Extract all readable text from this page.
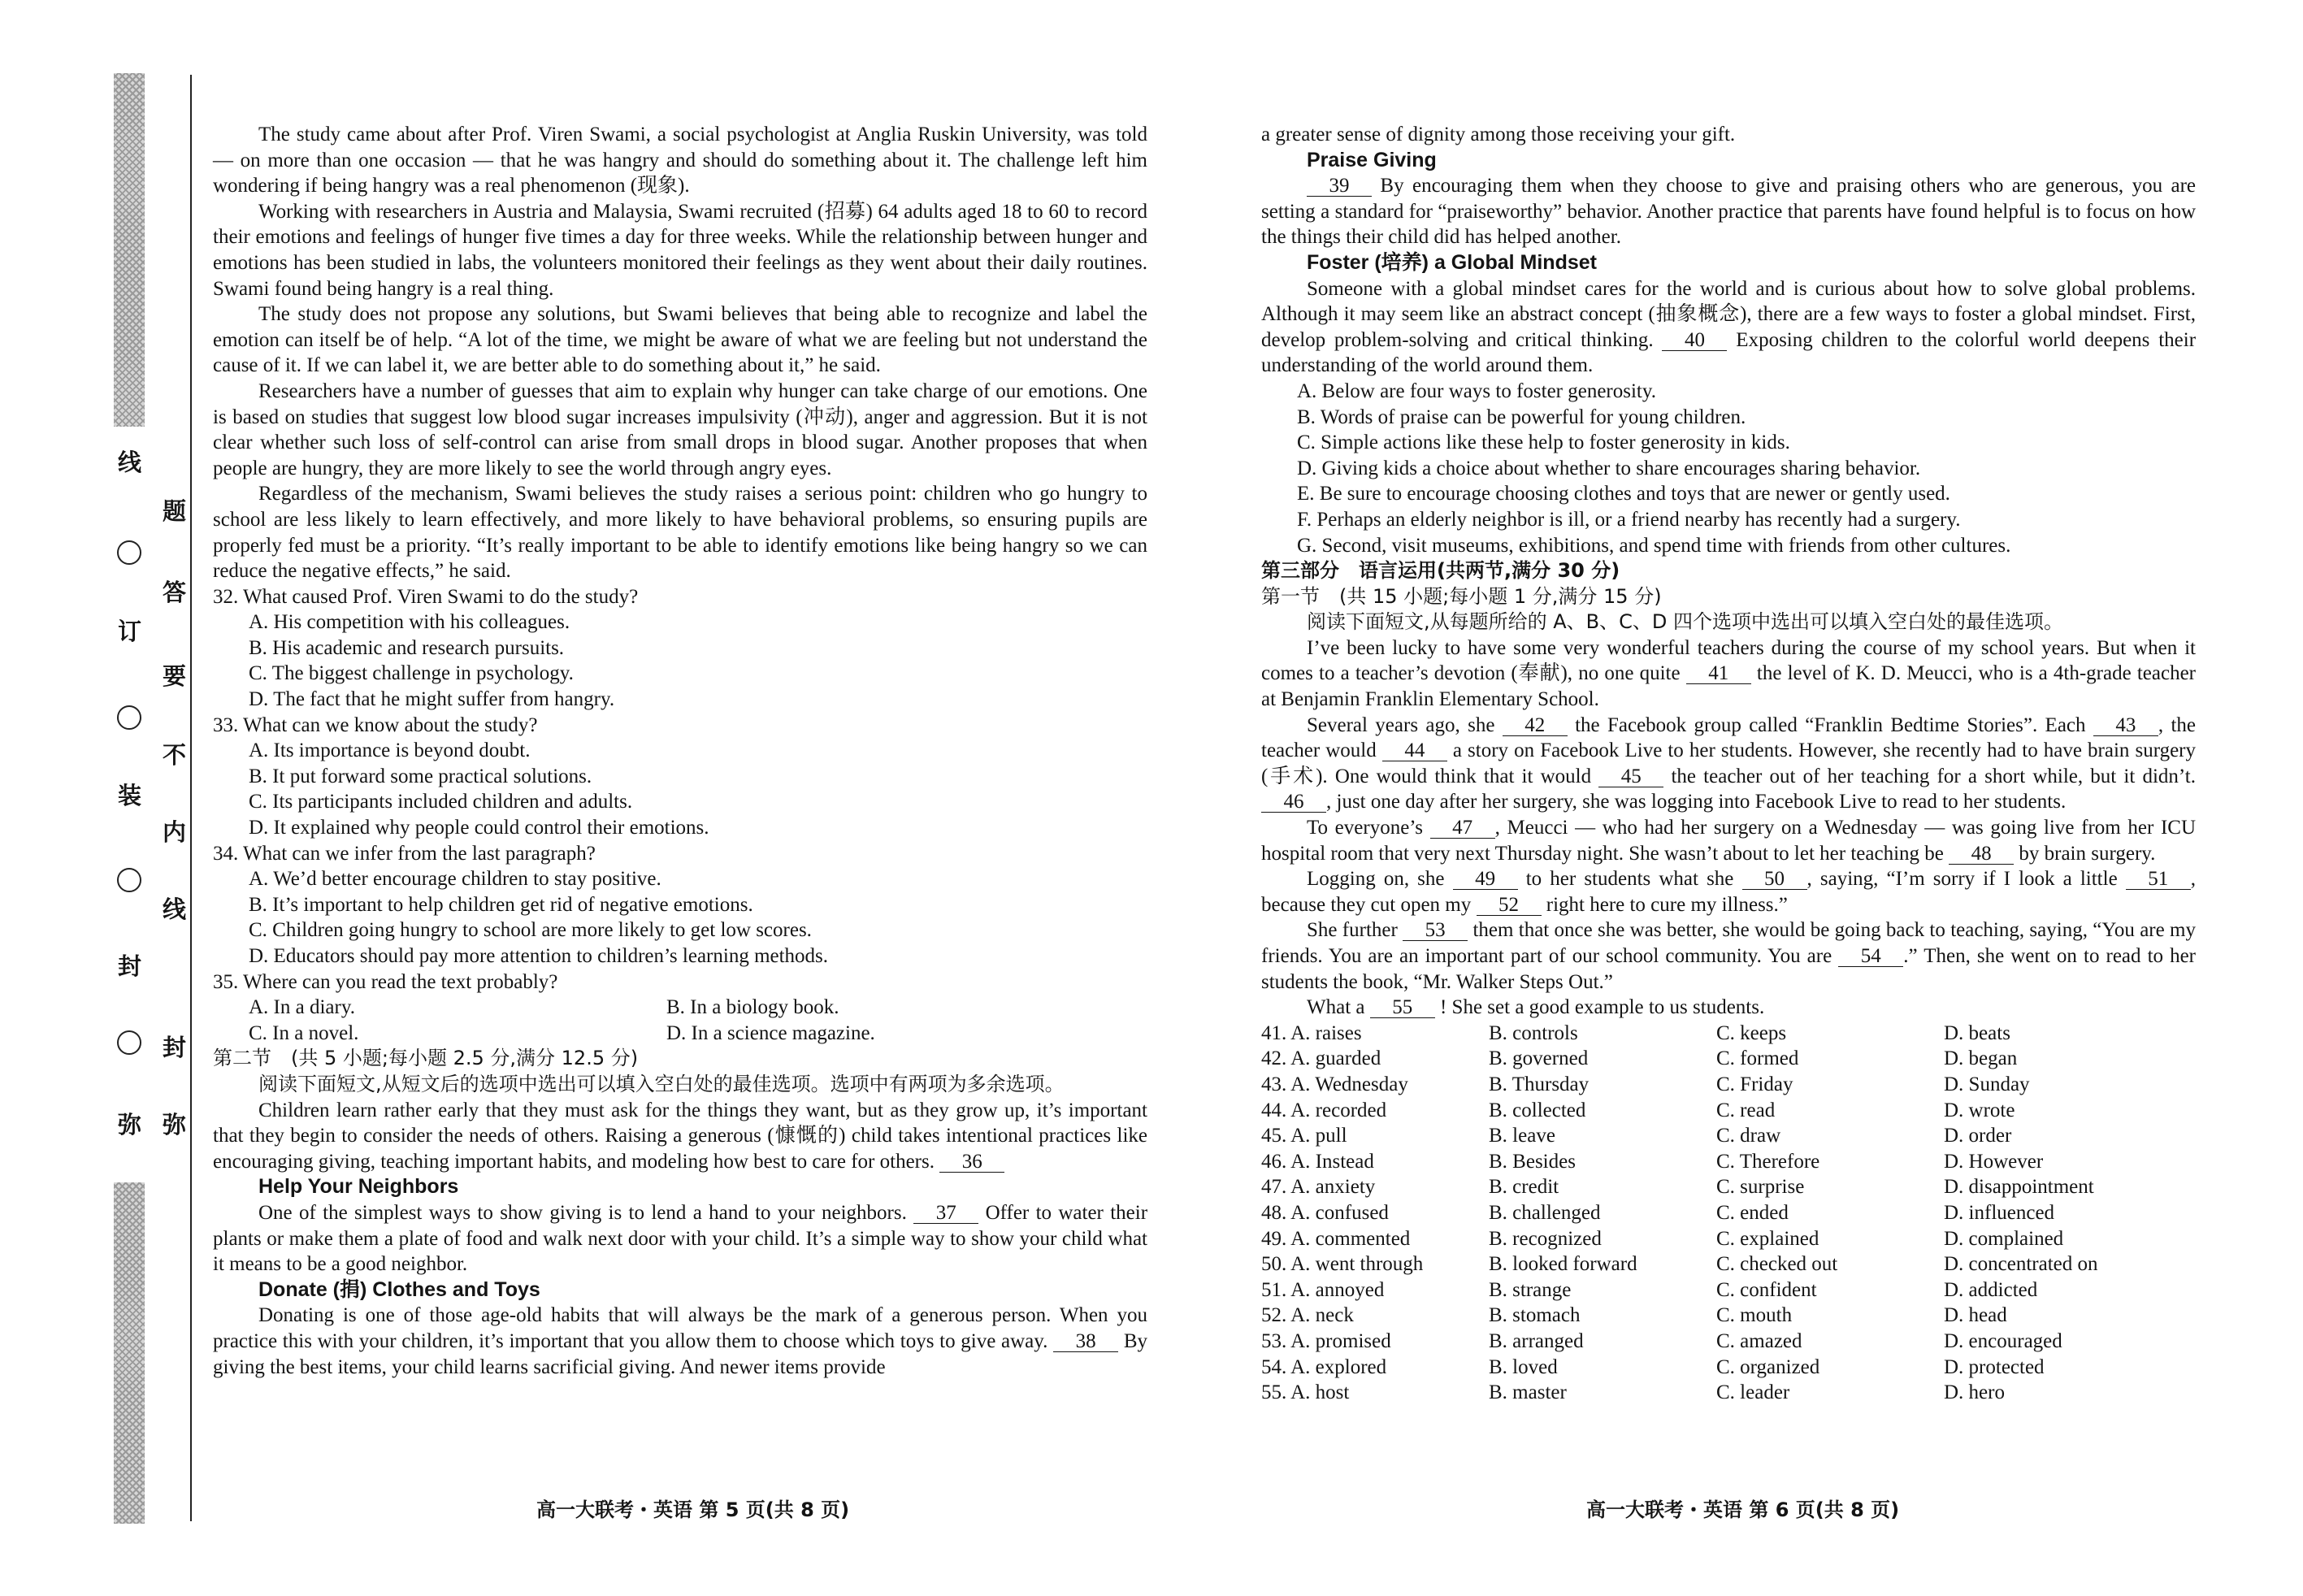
弥
封
装
订
线
弥
封
线
内
不
要
答
题

The study came about after Prof. Viren Swami, a social psychologist at Anglia Ruskin University, was told — on more than one occasion — that he was hangry and should do something about it. The challenge left him wondering if being hangry was a real phenomenon (现象).

Working with researchers in Austria and Malaysia, Swami recruited (招募) 64 adults aged 18 to 60 to record their emotions and feelings of hunger five times a day for three weeks. While the relationship between hunger and emotions has been studied in labs, the volunteers monitored their feelings as they went about their daily routines. Swami found being hangry is a real thing.

The study does not propose any solutions, but Swami believes that being able to recognize and label the emotion can itself be of help. “A lot of the time, we might be aware of what we are feeling but not understand the cause of it. If we can label it, we are better able to do something about it,” he said.

Researchers have a number of guesses that aim to explain why hunger can take charge of our emotions. One is based on studies that suggest low blood sugar increases impulsivity (冲动), anger and aggression. But it is not clear whether such loss of self-control can arise from small drops in blood sugar. Another proposes that when people are hungry, they are more likely to see the world through angry eyes.

Regardless of the mechanism, Swami believes the study raises a serious point: children who go hungry to school are less likely to learn effectively, and more likely to have behavioral problems, so ensuring pupils are properly fed must be a priority. “It’s really important to be able to identify emotions like being hangry so we can reduce the negative effects,” he said.

32. What caused Prof. Viren Swami to do the study?

A. His competition with his colleagues.

B. His academic and research pursuits.

C. The biggest challenge in psychology.

D. The fact that he might suffer from hangry.

33. What can we know about the study?

A. Its importance is beyond doubt.

B. It put forward some practical solutions.

C. Its participants included children and adults.

D. It explained why people could control their emotions.

34. What can we infer from the last paragraph?

A. We’d better encourage children to stay positive.

B. It’s important to help children get rid of negative emotions.

C. Children going hungry to school are more likely to get low scores.

D. Educators should pay more attention to children’s learning methods.

35. Where can you read the text probably?

A. In a diary.	B. In a biology book.
C. In a novel.	D. In a science magazine.

第二节　(共 5 小题;每小题 2.5 分,满分 12.5 分)

阅读下面短文,从短文后的选项中选出可以填入空白处的最佳选项。选项中有两项为多余选项。

Children learn rather early that they must ask for the things they want, but as they grow up, it’s important that they begin to consider the needs of others. Raising a generous (慷慨的) child takes intentional practices like encouraging giving, teaching important habits, and modeling how best to care for others. 36

Help Your Neighbors

One of the simplest ways to show giving is to lend a hand to your neighbors. 37 Offer to water their plants or make them a plate of food and walk next door with your child. It’s a simple way to show your child what it means to be a good neighbor.

Donate (捐) Clothes and Toys

Donating is one of those age-old habits that will always be the mark of a generous person. When you practice this with your children, it’s important that you allow them to choose which toys to give away. 38 By giving the best items, your child learns sacrificial giving. And newer items provide

高一大联考・英语 第 5 页(共 8 页)

a greater sense of dignity among those receiving your gift.

Praise Giving

39 By encouraging them when they choose to give and praising others who are generous, you are setting a standard for “praiseworthy” behavior. Another practice that parents have found helpful is to focus on how the things their child did has helped another.

Foster (培养) a Global Mindset

Someone with a global mindset cares for the world and is curious about how to solve global problems. Although it may seem like an abstract concept (抽象概念), there are a few ways to foster a global mindset. First, develop problem-solving and critical thinking. 40 Exposing children to the colorful world deepens their understanding of the world around them.

A. Below are four ways to foster generosity.

B. Words of praise can be powerful for young children.

C. Simple actions like these help to foster generosity in kids.

D. Giving kids a choice about whether to share encourages sharing behavior.

E. Be sure to encourage choosing clothes and toys that are newer or gently used.

F. Perhaps an elderly neighbor is ill, or a friend nearby has recently had a surgery.

G. Second, visit museums, exhibitions, and spend time with friends from other cultures.

第三部分　语言运用(共两节,满分 30 分)

第一节　(共 15 小题;每小题 1 分,满分 15 分)

阅读下面短文,从每题所给的 A、B、C、D 四个选项中选出可以填入空白处的最佳选项。

I’ve been lucky to have some very wonderful teachers during the course of my school years. But when it comes to a teacher’s devotion (奉献), no one quite 41 the level of K. D. Meucci, who is a 4th-grade teacher at Benjamin Franklin Elementary School.

Several years ago, she 42 the Facebook group called “Franklin Bedtime Stories”. Each 43 , the teacher would 44 a story on Facebook Live to her students. However, she recently had to have brain surgery (手术). One would think that it would 45 the teacher out of her teaching for a short while, but it didn’t. 46 , just one day after her surgery, she was logging into Facebook Live to read to her students.

To everyone’s 47 , Meucci — who had her surgery on a Wednesday — was going live from her ICU hospital room that very next Thursday night. She wasn’t about to let her teaching be 48 by brain surgery.

Logging on, she 49 to her students what she 50 , saying, “I’m sorry if I look a little 51 , because they cut open my 52 right here to cure my illness.”

She further 53 them that once she was better, she would be going back to teaching, saying, “You are my friends. You are an important part of our school community. You are 54 .” Then, she went on to read to her students the book, “Mr. Walker Steps Out.”

What a 55 ! She set a good example to us students.

41. A. raises	B. controls	C. keeps	D. beats
42. A. guarded	B. governed	C. formed	D. began
43. A. Wednesday	B. Thursday	C. Friday	D. Sunday
44. A. recorded	B. collected	C. read	D. wrote
45. A. pull	B. leave	C. draw	D. order
46. A. Instead	B. Besides	C. Therefore	D. However
47. A. anxiety	B. credit	C. surprise	D. disappointment
48. A. confused	B. challenged	C. ended	D. influenced
49. A. commented	B. recognized	C. explained	D. complained
50. A. went through	B. looked forward	C. checked out	D. concentrated on
51. A. annoyed	B. strange	C. confident	D. addicted
52. A. neck	B. stomach	C. mouth	D. head
53. A. promised	B. arranged	C. amazed	D. encouraged
54. A. explored	B. loved	C. organized	D. protected
55. A. host	B. master	C. leader	D. hero
高一大联考・英语 第 6 页(共 8 页)
